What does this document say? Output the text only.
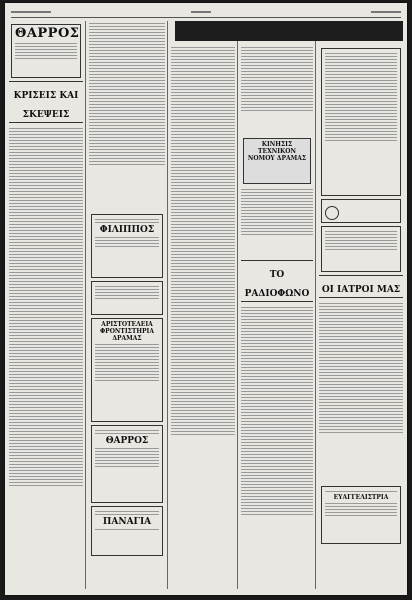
ΘΑΡΡΟΣ
ΚΡΙΣΕΙΣ ΚΑΙ ΣΚΕΨΕΙΣ
ΦΙΛΙΠΠΟΣ
ΑΡΙΣΤΟΤΕΛΕΙΑ ΦΡΟΝΤΙΣΤΗΡΙΑ ΔΡΑΜΑΣ
ΘΑΡΡΟΣ
ΠΑΝΑΓΙΑ
ΚΙΝΗΣΙΣ ΤΕΧΝΙΚΟΝ ΝΟΜΟΥ ΔΡΑΜΑΣ
ΤΟ ΡΑΔΙΟΦΩΝΟ	ΟΙ ΙΑΤΡΟΙ ΜΑΣ
ΕΥΑΓΓΕΛΙΣΤΡΙΑ
